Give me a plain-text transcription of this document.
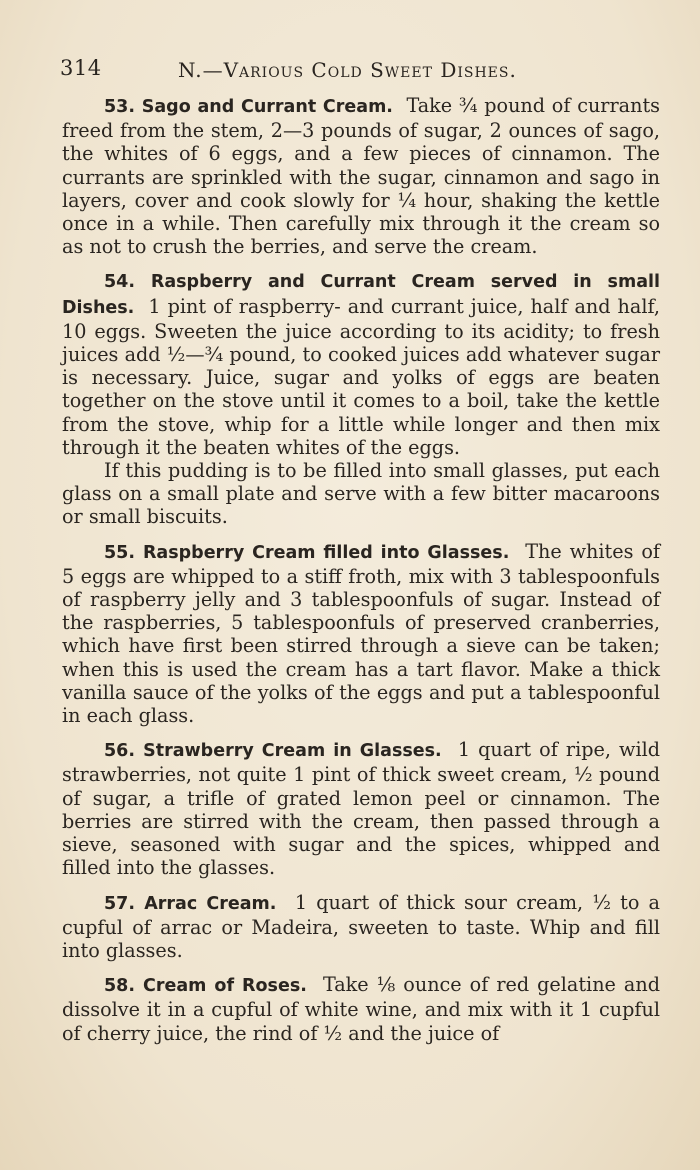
314	N.—Various Cold Sweet Dishes.

53. Sago and Currant Cream. Take ¾ pound of currants freed from the stem, 2—3 pounds of sugar, 2 ounces of sago, the whites of 6 eggs, and a few pieces of cinnamon. The currants are sprinkled with the sugar, cinnamon and sago in layers, cover and cook slowly for ¼ hour, shaking the kettle once in a while. Then carefully mix through it the cream so as not to crush the berries, and serve the cream.

54. Raspberry and Currant Cream served in small Dishes. 1 pint of raspberry- and currant juice, half and half, 10 eggs. Sweeten the juice according to its acidity; to fresh juices add ½—¾ pound, to cooked juices add whatever sugar is necessary. Juice, sugar and yolks of eggs are beaten together on the stove until it comes to a boil, take the kettle from the stove, whip for a little while longer and then mix through it the beaten whites of the eggs.

If this pudding is to be filled into small glasses, put each glass on a small plate and serve with a few bitter macaroons or small biscuits.

55. Raspberry Cream filled into Glasses. The whites of 5 eggs are whipped to a stiff froth, mix with 3 tablespoonfuls of raspberry jelly and 3 tablespoonfuls of sugar. Instead of the raspberries, 5 tablespoonfuls of preserved cranberries, which have first been stirred through a sieve can be taken; when this is used the cream has a tart flavor. Make a thick vanilla sauce of the yolks of the eggs and put a tablespoonful in each glass.

56. Strawberry Cream in Glasses. 1 quart of ripe, wild strawberries, not quite 1 pint of thick sweet cream, ½ pound of sugar, a trifle of grated lemon peel or cinnamon. The berries are stirred with the cream, then passed through a sieve, seasoned with sugar and the spices, whipped and filled into the glasses.

57. Arrac Cream. 1 quart of thick sour cream, ½ to a cupful of arrac or Madeira, sweeten to taste. Whip and fill into glasses.

58. Cream of Roses. Take ⅛ ounce of red gelatine and dissolve it in a cupful of white wine, and mix with it 1 cupful of cherry juice, the rind of ½ and the juice of
